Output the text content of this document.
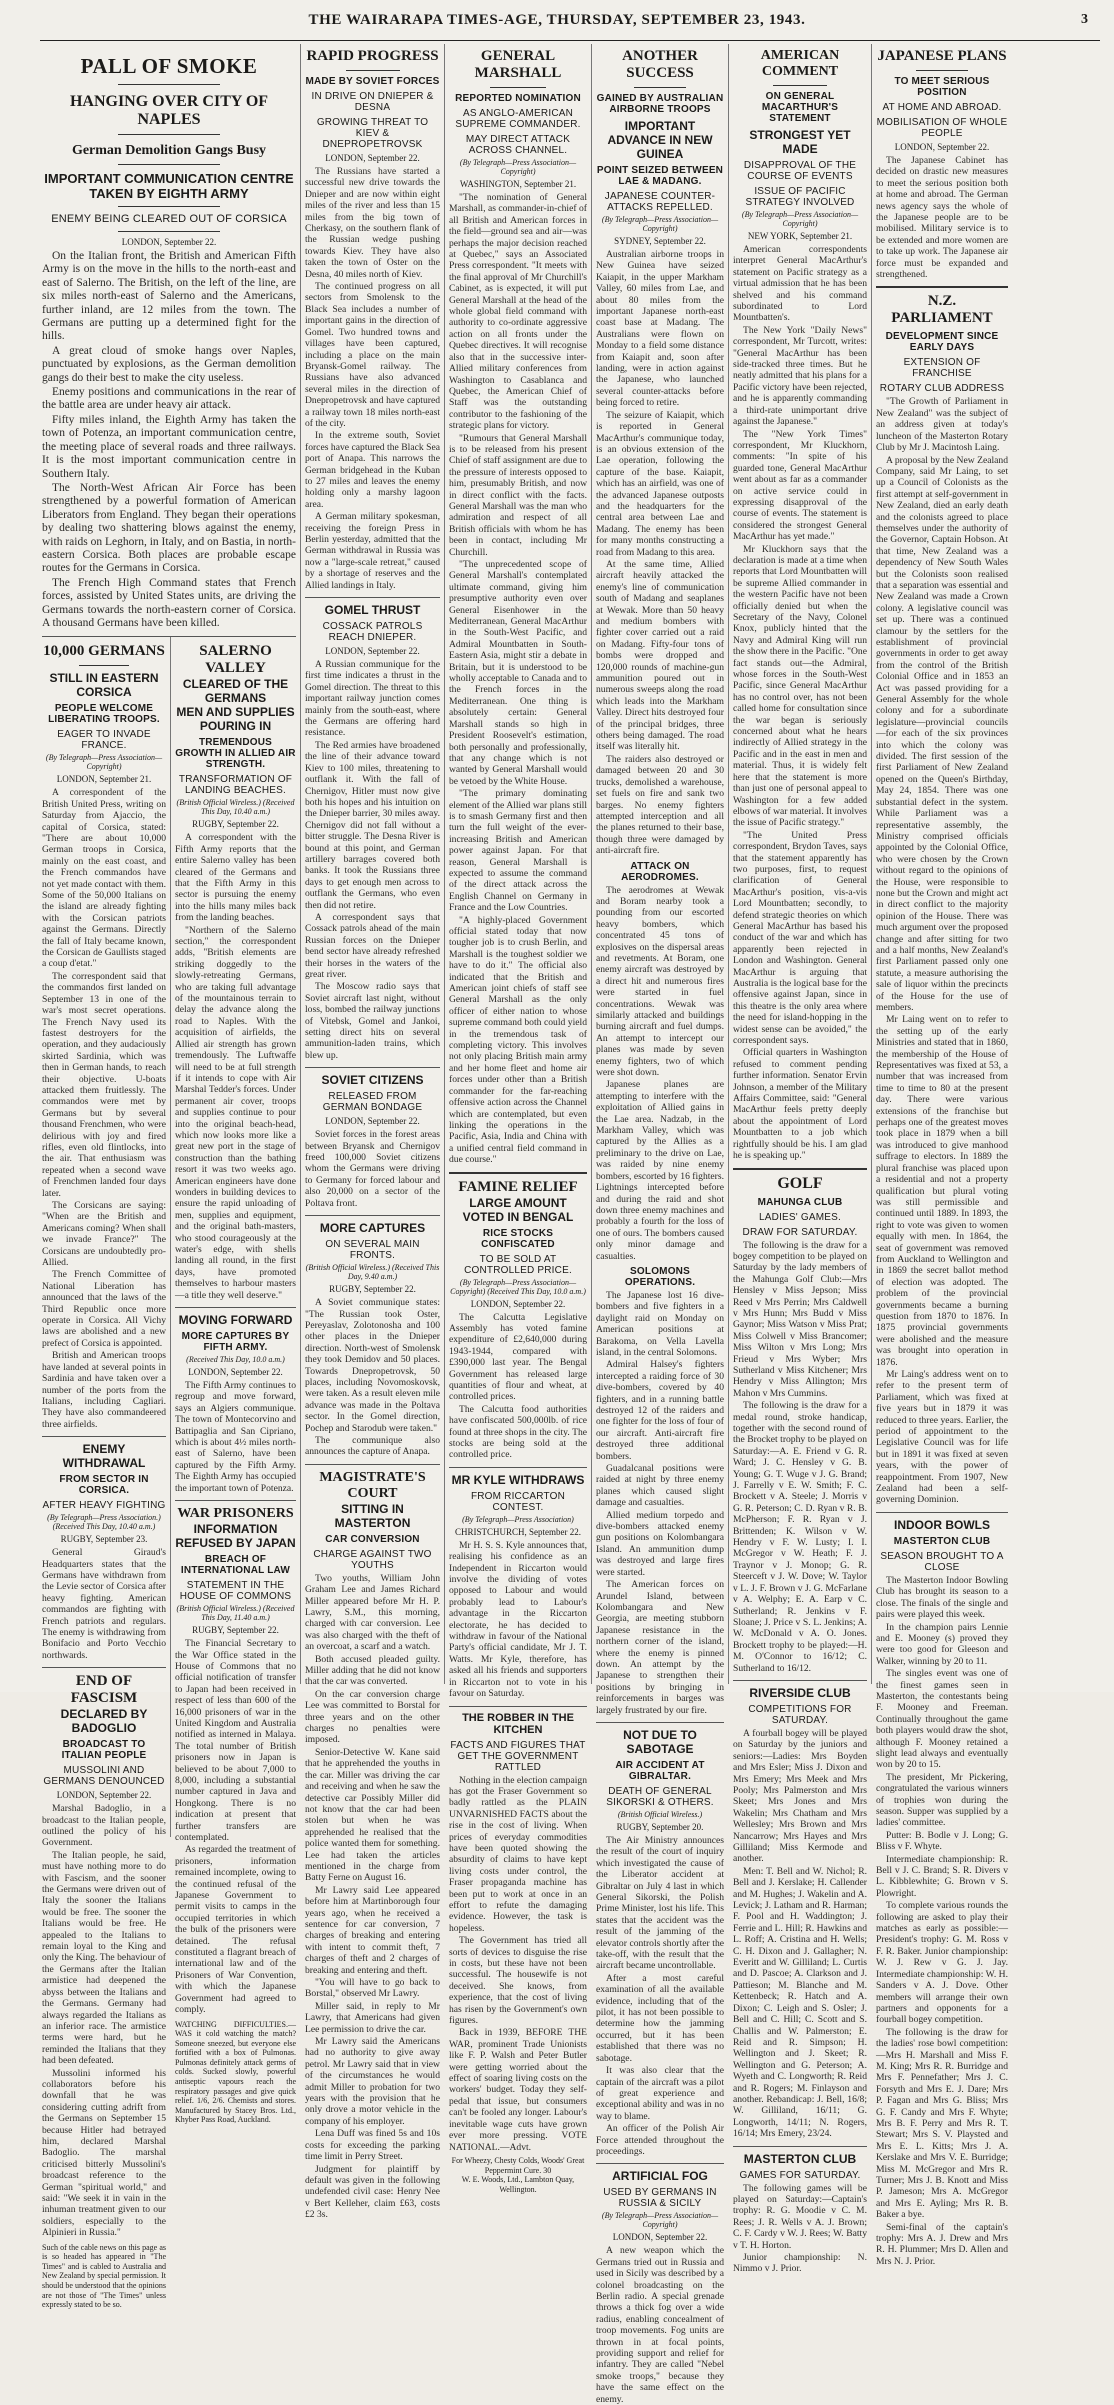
THE WAIRARAPA TIMES-AGE, THURSDAY, SEPTEMBER 23, 1943.	3
PALL OF SMOKE
HANGING OVER CITY OF NAPLES
German Demolition Gangs Busy
IMPORTANT COMMUNICATION CENTRE TAKEN BY EIGHTH ARMY
ENEMY BEING CLEARED OUT OF CORSICA
LONDON, September 22.

On the Italian front, the British and American Fifth Army is on the move in the hills to the north-east and east of Salerno. The British, on the left of the line, are six miles north-east of Salerno and the Americans, further inland, are 12 miles from the town. The Germans are putting up a determined fight for the hills.

A great cloud of smoke hangs over Naples, punctuated by explosions, as the German demolition gangs do their best to make the city useless.

Enemy positions and communications in the rear of the battle area are under heavy air attack.

Fifty miles inland, the Eighth Army has taken the town of Potenza, an important communication centre, the meeting place of several roads and three railways. It is the most important communication centre in Southern Italy.

The North-West African Air Force has been strengthened by a powerful formation of American Liberators from England. They began their operations by dealing two shattering blows against the enemy, with raids on Leghorn, in Italy, and on Bastia, in north-eastern Corsica. Both places are probable escape routes for the Germans in Corsica.

The French High Command states that French forces, assisted by United States units, are driving the Germans towards the north-eastern corner of Corsica. A thousand Germans have been killed.

10,000 GERMANS
STILL IN EASTERN CORSICA
PEOPLE WELCOME LIBERATING TROOPS.
EAGER TO INVADE FRANCE.
(By Telegraph—Press Association—Copyright)
LONDON, September 21.

A correspondent of the British United Press, writing on Saturday from Ajaccio, the capital of Corsica, stated: "There are about 10,000 German troops in Corsica, mainly on the east coast, and the French commandos have not yet made contact with them. Some of the 50,000 Italians on the island are already fighting with the Corsican patriots against the Germans. Directly the fall of Italy became known, the Corsican de Gaullists staged a coup d'etat."

The correspondent said that the commandos first landed on September 13 in one of the war's most secret operations. The French Navy used its fastest destroyers for the operation, and they audaciously skirted Sardinia, which was then in German hands, to reach their objective. U-boats attacked them fruitlessly. The commandos were met by Germans but by several thousand Frenchmen, who were delirious with joy and fired rifles, even old flintlocks, into the air. That enthusiasm was repeated when a second wave of Frenchmen landed four days later.

The Corsicans are saying: "When are the British and Americans coming? When shall we invade France?" The Corsicans are undoubtedly pro-Allied.

The French Committee of National Liberation has announced that the laws of the Third Republic once more operate in Corsica. All Vichy laws are abolished and a new prefect of Corsica is appointed.

British and American troops have landed at several points in Sardinia and have taken over a number of the ports from the Italians, including Cagliari. They have also commandeered three airfields.

ENEMY WITHDRAWAL
FROM SECTOR IN CORSICA.
AFTER HEAVY FIGHTING
(By Telegraph—Press Association.) (Received This Day, 10.40 a.m.)
RUGBY, September 23.

General Giraud's Headquarters states that the Germans have withdrawn from the Levie sector of Corsica after heavy fighting. American commandos are fighting with French patriots and regulars. The enemy is withdrawing from Bonifacio and Porto Vecchio northwards.

END OF FASCISM
DECLARED BY BADOGLIO
BROADCAST TO ITALIAN PEOPLE
MUSSOLINI AND GERMANS DENOUNCED
LONDON, September 22.

Marshal Badoglio, in a broadcast to the Italian people, outlined the policy of his Government.

The Italian people, he said, must have nothing more to do with Fascism, and the sooner the Germans were driven out of Italy the sooner the Italians would be free. The sooner the Italians would be free. He appealed to the Italians to remain loyal to the King and only the King. The behaviour of the Germans after the Italian armistice had deepened the abyss between the Italians and the Germans. Germany had always regarded the Italians as an inferior race. The armistice terms were hard, but he reminded the Italians that they had been defeated.

Mussolini informed his collaborators before his downfall that he was considering cutting adrift from the Germans on September 15 because Hitler had betrayed him, declared Marshal Badoglio. The marshal criticised bitterly Mussolini's broadcast reference to the German "spiritual world," and said: "We seek it in vain in the inhuman treatment given to our soldiers, especially to the Alpinieri in Russia."

Such of the cable news on this page as is so headed has appeared in "The Times" and is cabled to Australia and New Zealand by special permission. It should be understood that the opinions are not those of "The Times" unless expressly stated to be so.
SALERNO VALLEY
CLEARED OF THE GERMANS
MEN AND SUPPLIES POURING IN
TREMENDOUS GROWTH IN ALLIED AIR STRENGTH.
TRANSFORMATION OF LANDING BEACHES.
(British Official Wireless.) (Received This Day, 10.40 a.m.)
RUGBY, September 22.

A correspondent with the Fifth Army reports that the entire Salerno valley has been cleared of the Germans and that the Fifth Army in this sector is pursuing the enemy into the hills many miles back from the landing beaches.

"Northern of the Salerno section," the correspondent adds, "British elements are striking doggedly to the slowly-retreating Germans, who are taking full advantage of the mountainous terrain to delay the advance along the road to Naples. With the acquisition of airfields, the Allied air strength has grown tremendously. The Luftwaffe will need to be at full strength if it intends to cope with Air Marshal Tedder's forces. Under permanent air cover, troops and supplies continue to pour into the original beach-head, which now looks more like a great new port in the stage of construction than the bathing resort it was two weeks ago. American engineers have done wonders in building devices to ensure the rapid unloading of men, supplies and equipment, and the original bath-masters, who stood courageously at the water's edge, with shells landing all round, in the first days, have promoted themselves to harbour masters—a title they well deserve."

MOVING FORWARD
MORE CAPTURES BY FIFTH ARMY.
(Received This Day, 10.0 a.m.)
LONDON, September 22.

The Fifth Army continues to regroup and move forward, says an Algiers communique. The town of Montecorvino and Battipaglia and San Cipriano, which is about 4½ miles north-east of Salerno, have been captured by the Fifth Army. The Eighth Army has occupied the important town of Potenza.

WAR PRISONERS
INFORMATION REFUSED BY JAPAN
BREACH OF INTERNATIONAL LAW
STATEMENT IN THE HOUSE OF COMMONS
(British Official Wireless.) (Received This Day, 11.40 a.m.)
RUGBY, September 22.

The Financial Secretary to the War Office stated in the House of Commons that no official notification of transfer to Japan had been received in respect of less than 600 of the 16,000 prisoners of war in the United Kingdom and Australia notified as interned in Malaya. The total number of British prisoners now in Japan is believed to be about 7,000 to 8,000, including a substantial number captured in Java and Hongkong. There is no indication at present that further transfers are contemplated.

As regarded the treatment of prisoners, information remained incomplete, owing to the continued refusal of the Japanese Government to permit visits to camps in the occupied territories in which the bulk of the prisoners were detained. The refusal constituted a flagrant breach of international law and of the Prisoners of War Convention, with which the Japanese Government had agreed to comply.

WATCHING DIFFICULTIES.—WAS it cold watching the match? Someone sneezed, but everyone else fortified with a box of Pulmonas. Pulmonas definitely attack germs of colds. Sucked slowly, powerful antiseptic vapours reach the respiratory passages and give quick relief. 1/6, 2/6. Chemists and stores. Manufactured by Stacey Bros. Ltd., Khyber Pass Road, Auckland.
RAPID PROGRESS
MADE BY SOVIET FORCES
IN DRIVE ON DNIEPER & DESNA
GROWING THREAT TO KIEV & DNEPROPETROVSK
LONDON, September 22.

The Russians have started a successful new drive towards the Dnieper and are now within eight miles of the river and less than 15 miles from the big town of Cherkasy, on the southern flank of the Russian wedge pushing towards Kiev. They have also taken the town of Oster on the Desna, 40 miles north of Kiev.

The continued progress on all sectors from Smolensk to the Black Sea includes a number of important gains in the direction of Gomel. Two hundred towns and villages have been captured, including a place on the main Bryansk-Gomel railway. The Russians have also advanced several miles in the direction of Dnepropetrovsk and have captured a railway town 18 miles north-east of the city.

In the extreme south, Soviet forces have captured the Black Sea port of Anapa. This narrows the German bridgehead in the Kuban to 27 miles and leaves the enemy holding only a marshy lagoon area.

A German military spokesman, receiving the foreign Press in Berlin yesterday, admitted that the German withdrawal in Russia was now a "large-scale retreat," caused by a shortage of reserves and the Allied landings in Italy.

GOMEL THRUST
COSSACK PATROLS REACH DNIEPER.
LONDON, September 22.

A Russian communique for the first time indicates a thrust in the Gomel direction. The threat to this important railway junction comes mainly from the south-east, where the Germans are offering hard resistance.

The Red armies have broadened the line of their advance toward Kiev to 100 miles, threatening to outflank it. With the fall of Chernigov, Hitler must now give both his hopes and his intuition on the Dnieper barrier, 30 miles away. Chernigov did not fall without a bitter struggle. The Desna River is bound at this point, and German artillery barrages covered both banks. It took the Russians three days to get enough men across to outflank the Germans, who even then did not retire.

A correspondent says that Cossack patrols ahead of the main Russian forces on the Dnieper bend sector have already refreshed their horses in the waters of the great river.

The Moscow radio says that Soviet aircraft last night, without loss, bombed the railway junctions of Vitebsk, Gomel and Jankoi, setting direct hits on several ammunition-laden trains, which blew up.

SOVIET CITIZENS
RELEASED FROM GERMAN BONDAGE
LONDON, September 22.

Soviet forces in the forest areas between Bryansk and Chernigov freed 100,000 Soviet citizens whom the Germans were driving to Germany for forced labour and also 20,000 on a sector of the Poltava front.

MORE CAPTURES
ON SEVERAL MAIN FRONTS.
(British Official Wireless.) (Received This Day, 9.40 a.m.)
RUGBY, September 22.

A Soviet communique states: "The Russian took Oster, Pereyaslav, Zolotonosha and 100 other places in the Dnieper direction. North-west of Smolensk they took Demidov and 50 places. Towards Dnepropetrovsk, 50 places, including Novomoskovsk, were taken. As a result eleven mile advance was made in the Poltava sector. In the Gomel direction, Pochep and Starodub were taken."

The communique also announces the capture of Anapa.

MAGISTRATE'S COURT
SITTING IN MASTERTON
CAR CONVERSION
CHARGE AGAINST TWO YOUTHS

Two youths, William John Graham Lee and James Richard Miller appeared before Mr H. P. Lawry, S.M., this morning, charged with car conversion. Lee was also charged with the theft of an overcoat, a scarf and a watch.

Both accused pleaded guilty. Miller adding that he did not know that the car was converted.

On the car conversion charge Lee was committed to Borstal for three years and on the other charges no penalties were imposed.

Senior-Detective W. Kane said that he apprehended the youths in the car. Miller was driving the car and receiving and when he saw the detective car Possibly Miller did not know that the car had been stolen but when he was apprehended he realised that the police wanted them for something. Lee had taken the articles mentioned in the charge from Batty Ferne on August 16.

Mr Lawry said Lee appeared before him at Martinborough four years ago, when he received a sentence for car conversion, 7 charges of breaking and entering with intent to commit theft, 7 charges of theft and 2 charges of breaking and entering and theft.

"You will have to go back to Borstal," observed Mr Lawry.

Miller said, in reply to Mr Lawry, that Americans had given Lee permission to drive the car.

Mr Lawry said the Americans had no authority to give away petrol. Mr Lawry said that in view of the circumstances he would admit Miller to probation for two years with the provision that he only drove a motor vehicle in the company of his employer.

Lena Duff was fined 5s and 10s costs for exceeding the parking time limit in Perry Street.

Judgment for plaintiff by default was given in the following undefended civil case: Henry Nee v Bert Kelleher, claim £63, costs £2 3s.

GENERAL MARSHALL
REPORTED NOMINATION
AS ANGLO-AMERICAN SUPREME COMMANDER.
MAY DIRECT ATTACK ACROSS CHANNEL.
(By Telegraph—Press Association—Copyright)
WASHINGTON, September 21.

"The nomination of General Marshall, as commander-in-chief of all British and American forces in the field—ground sea and air—was perhaps the major decision reached at Quebec," says an Associated Press correspondent. "It meets with the final approval of Mr Churchill's Cabinet, as is expected, it will put General Marshall at the head of the whole global field command with authority to co-ordinate aggressive action on all fronts under the Quebec directives. It will recognise also that in the successive inter-Allied military conferences from Washington to Casablanca and Quebec, the American Chief of Staff was the outstanding contributor to the fashioning of the strategic plans for victory.

"Rumours that General Marshall is to be released from his present Chief of staff assignment are due to the pressure of interests opposed to him, presumably British, and now in direct conflict with the facts. General Marshall was the man who admiration and respect of all British officials with whom he has been in contact, including Mr Churchill.

"The unprecedented scope of General Marshall's contemplated ultimate command, giving him presumptive authority even over General Eisenhower in the Mediterranean, General MacArthur in the South-West Pacific, and Admiral Mountbatten in South-Eastern Asia, might stir a debate in Britain, but it is understood to be wholly acceptable to Canada and to the French forces in the Mediterranean. One thing is absolutely certain: General Marshall stands so high in President Roosevelt's estimation, both personally and professionally, that any change which is not wanted by General Marshall would be vetoed by the White House.

"The primary dominating element of the Allied war plans still is to smash Germany first and then turn the full weight of the ever-increasing British and American power against Japan. For that reason, General Marshall is expected to assume the command of the direct attack across the English Channel on Germany in France and the Low Countries.

"A highly-placed Government official stated today that now tougher job is to crush Berlin, and Marshall is the toughest soldier we have to do it." The official also indicated that the British and American joint chiefs of staff see General Marshall as the only officer of either nation to whose supreme command both could yield in the tremendous task of completing victory. This involves not only placing British main army and her home fleet and home air forces under other than a British commander for the far-reaching offensive action across the Channel which are contemplated, but even linking the operations in the Pacific, Asia, India and China with a unified central field command in due course."

FAMINE RELIEF
LARGE AMOUNT VOTED IN BENGAL
RICE STOCKS CONFISCATED
TO BE SOLD AT CONTROLLED PRICE.
(By Telegraph—Press Association—Copyright) (Received This Day, 10.0 a.m.)
LONDON, September 22.

The Calcutta Legislative Assembly has voted famine expenditure of £2,640,000 during 1943-1944, compared with £390,000 last year. The Bengal Government has released large quantities of flour and wheat, at controlled prices.

The Calcutta food authorities have confiscated 500,000lb. of rice found at three shops in the city. The stocks are being sold at the controlled price.

MR KYLE WITHDRAWS
FROM RICCARTON CONTEST.
(By Telegraph—Press Association)
CHRISTCHURCH, September 22.

Mr H. S. S. Kyle announces that, realising his confidence as an Independent in Riccarton would involve the dividing of votes opposed to Labour and would probably lead to Labour's advantage in the Riccarton electorate, he has decided to withdraw in favour of the National Party's official candidate, Mr J. T. Watts. Mr Kyle, therefore, has asked all his friends and supporters in Riccarton not to vote in his favour on Saturday.

THE ROBBER IN THE KITCHEN
FACTS AND FIGURES THAT GET THE GOVERNMENT RATTLED

Nothing in the election campaign has got the Fraser Government so badly rattled as the PLAIN UNVARNISHED FACTS about the rise in the cost of living. When prices of everyday commodities have been quoted showing the absurdity of claims to have kept living costs under control, the Fraser propaganda machine has been put to work at once in an effort to refute the damaging evidence. However, the task is hopeless.

The Government has tried all sorts of devices to disguise the rise in costs, but these have not been successful. The housewife is not deceived. She knows, from experience, that the cost of living has risen by the Government's own figures.

Back in 1939, BEFORE THE WAR, prominent Trade Unionists like F. P. Walsh and Peter Butler were getting worried about the effect of soaring living costs on the workers' budget. Today they self-pedal that issue, but consumers can't be fooled any longer. Labour's inevitable wage cuts have grown ever more pressing. VOTE NATIONAL.—Advt.

For Wheezy, Chesty Colds, Woods' Great Peppermint Cure. 30
W. E. Woods, Ltd., Lambton Quay, Wellington.
ANOTHER SUCCESS
GAINED BY AUSTRALIAN AIRBORNE TROOPS
IMPORTANT ADVANCE IN NEW GUINEA
POINT SEIZED BETWEEN LAE & MADANG.
JAPANESE COUNTER-ATTACKS REPELLED.
(By Telegraph—Press Association—Copyright)
SYDNEY, September 22.

Australian airborne troops in New Guinea have seized Kaiapit, in the upper Markham Valley, 60 miles from Lae, and about 80 miles from the important Japanese north-east coast base at Madang. The Australians were flown on Monday to a field some distance from Kaiapit and, soon after landing, were in action against the Japanese, who launched several counter-attacks before being forced to retire.

The seizure of Kaiapit, which is reported in General MacArthur's communique today, is an obvious extension of the Lae operation, following the capture of the base. Kaiapit, which has an airfield, was one of the advanced Japanese outposts and the headquarters for the central area between Lae and Madang. The enemy has been for many months constructing a road from Madang to this area.

At the same time, Allied aircraft heavily attacked the enemy's line of communication south of Madang and seaplanes at Wewak. More than 50 heavy and medium bombers with fighter cover carried out a raid on Madang. Fifty-four tons of bombs were dropped and 120,000 rounds of machine-gun ammunition poured out in numerous sweeps along the road which leads into the Markham Valley. Direct hits destroyed four of the principal bridges, three others being damaged. The road itself was literally hit.

The raiders also destroyed or damaged between 20 and 30 trucks, demolished a warehouse, set fuels on fire and sank two barges. No enemy fighters attempted interception and all the planes returned to their base, though three were damaged by anti-aircraft fire.

ATTACK ON AERODROMES.

The aerodromes at Wewak and Boram nearby took a pounding from our escorted heavy bombers, which concentrated 45 tons of explosives on the dispersal areas and revetments. At Boram, one enemy aircraft was destroyed by a direct hit and numerous fires were started in fuel concentrations. Wewak was similarly attacked and buildings burning aircraft and fuel dumps. An attempt to intercept our planes was made by seven enemy fighters, two of which were shot down.

Japanese planes are attempting to interfere with the exploitation of Allied gains in the Lae area. Nadzab, in the Markham Valley, which was captured by the Allies as a preliminary to the drive on Lae, was raided by nine enemy bombers, escorted by 16 fighters. Lightnings intercepted before and during the raid and shot down three enemy machines and probably a fourth for the loss of one of ours. The bombers caused only minor damage and casualties.

SOLOMONS OPERATIONS.

The Japanese lost 16 dive-bombers and five fighters in a daylight raid on Monday on American positions at Barakoma, on Vella Lavella island, in the central Solomons.

Admiral Halsey's fighters intercepted a raiding force of 30 dive-bombers, covered by 40 fighters, and in a running battle destroyed 12 of the raiders and one fighter for the loss of four of our aircraft. Anti-aircraft fire destroyed three additional bombers.

Guadalcanal positions were raided at night by three enemy planes which caused slight damage and casualties.

Allied medium torpedo and dive-bombers attacked enemy gun positions on Kolombangara Island. An ammunition dump was destroyed and large fires were started.

The American forces on Arundel Island, between Kolombangara and New Georgia, are meeting stubborn Japanese resistance in the northern corner of the island, where the enemy is pinned down. An attempt by the Japanese to strengthen their positions by bringing in reinforcements in barges was largely frustrated by our fire.

NOT DUE TO SABOTAGE
AIR ACCIDENT AT GIBRALTAR.
DEATH OF GENERAL SIKORSKI & OTHERS.
(British Official Wireless.)
RUGBY, September 20.

The Air Ministry announces the result of the court of inquiry which investigated the cause of the Liberator accident at Gibraltar on July 4 last in which General Sikorski, the Polish Prime Minister, lost his life. This states that the accident was the result of the jamming of the elevator controls shortly after the take-off, with the result that the aircraft became uncontrollable.

After a most careful examination of all the available evidence, including that of the pilot, it has not been possible to determine how the jamming occurred, but it has been established that there was no sabotage.

It was also clear that the captain of the aircraft was a pilot of great experience and exceptional ability and was in no way to blame.

An officer of the Polish Air Force attended throughout the proceedings.

ARTIFICIAL FOG
USED BY GERMANS IN RUSSIA & SICILY
(By Telegraph—Press Association—Copyright)
LONDON, September 22.

A new weapon which the Germans tried out in Russia and used in Sicily was described by a colonel broadcasting on the Berlin radio. A special grenade throws a thick fog over a wide radius, enabling concealment of troop movements. Fog units are thrown in at focal points, providing support and relief for infantry. They are called "Nebel smoke troops," because they have the same effect on the enemy.

AMERICAN COMMENT
ON GENERAL MACARTHUR'S STATEMENT
STRONGEST YET MADE
DISAPPROVAL OF THE COURSE OF EVENTS
ISSUE OF PACIFIC STRATEGY INVOLVED
(By Telegraph—Press Association—Copyright)
NEW YORK, September 21.

American correspondents interpret General MacArthur's statement on Pacific strategy as a virtual admission that he has been shelved and his command subordinated to Lord Mountbatten's.

The New York "Daily News" correspondent, Mr Turcott, writes: "General MacArthur has been side-tracked three times. But he neatly admitted that his plans for a Pacific victory have been rejected, and he is apparently commanding a third-rate unimportant drive against the Japanese."

The "New York Times" correspondent, Mr Kluckhorn, comments: "In spite of his guarded tone, General MacArthur went about as far as a commander on active service could in expressing disapproval of the course of events. The statement is considered the strongest General MacArthur has yet made."

Mr Kluckhorn says that the declaration is made at a time when reports that Lord Mountbatten will be supreme Allied commander in the western Pacific have not been officially denied but when the Secretary of the Navy, Colonel Knox, publicly hinted that the Navy and Admiral King will run the show there in the Pacific. "One fact stands out—the Admiral, whose forces in the South-West Pacific, since General MacArthur has no control over, has not been called home for consultation since the war began is seriously concerned about what he hears indirectly of Allied strategy in the Pacific and in the east in men and material. Thus, it is widely felt here that the statement is more than just one of personal appeal to Washington for a few added elbows of war material. It involves the issue of Pacific strategy."

"The United Press correspondent, Brydon Taves, says that the statement apparently has two purposes, first, to request clarification of General MacArthur's position, vis-a-vis Lord Mountbatten; secondly, to defend strategic theories on which General MacArthur has based his conduct of the war and which has apparently been rejected in London and Washington. General MacArthur is arguing that Australia is the logical base for the offensive against Japan, since in this theatre is the only area where the need for island-hopping in the widest sense can be avoided," the correspondent says.

Official quarters in Washington refused to comment pending further information. Senator Ervin Johnson, a member of the Military Affairs Committee, said: "General MacArthur feels pretty deeply about the appointment of Lord Mountbatten to a job which rightfully should be his. I am glad he is speaking up."

GOLF
MAHUNGA CLUB
LADIES' GAMES.
DRAW FOR SATURDAY.

The following is the draw for a bogey competition to be played on Saturday by the lady members of the Mahunga Golf Club:—Mrs Hensley v Miss Jepson; Miss Reed v Mrs Perrin; Mrs Caldwell v Mrs Hunn; Mrs Budd v Miss Gaynor; Miss Watson v Miss Prat; Miss Colwell v Miss Brancomer; Miss Wilton v Mrs Long; Mrs Frieud v Mrs Wyber; Mrs Sutherland v Miss Kitchener; Mrs Hendry v Miss Allington; Mrs Mahon v Mrs Cummins.

The following is the draw for a medal round, stroke handicap, together with the second round of the Brocket trophy to be played on Saturday:—A. E. Friend v G. R. Ward; J. C. Hensley v G. B. Young; G. T. Wuge v J. G. Brand; J. Farrelly v E. W. Smith; F. C. Brockett v A. Steele; J. Morris v G. R. Peterson; C. D. Ryan v R. B. McPherson; F. R. Ryan v J. Brittenden; K. Wilson v W. Hendry v F. W. Lusty; I. I. McGregor v W. Heath; F. J. Traynor v J. Monop; G. R. Steerceft v J. W. Dove; W. Taylor v L. J. F. Brown v J. G. McFarlane v A. Welphy; E. A. Earp v C. Sutherland; R. Jenkins v F. Sloane; J. Price v S. L. Jenkins; A. W. McDonald v A. O. Jones. Brockett trophy to be played:—H. M. O'Connor to 16/12; C. Sutherland to 16/12.

RIVERSIDE CLUB
COMPETITIONS FOR SATURDAY.

A fourball bogey will be played on Saturday by the juniors and seniors:—Ladies: Mrs Boyden and Mrs Esler; Miss J. Dixon and Mrs Emery; Mrs Meek and Mrs Pooly; Mrs Palmerston and Mrs Skeet; Mrs Jones and Mrs Wakelin; Mrs Chatham and Mrs Wellesley; Mrs Brown and Mrs Nancarrow; Mrs Hayes and Mrs Gilliland; Miss Kermode and another.

Men: T. Bell and W. Nichol; R. Bell and J. Kerslake; H. Callender and M. Hughes; J. Wakelin and A. Levick; J. Latham and R. Harman; F. Pool and H. Waddington; J. Ferrie and L. Hill; R. Hawkins and L. Roff; A. Cristina and H. Wells; C. H. Dixon and J. Gallagher; N. Everitt and W. Gilliland; L. Curtis and D. Pascoe; A. Clarkson and J. Pattieson; M. Blanche and M. Kettenbeck; R. Hatch and A. Dixon; C. Leigh and S. Osler; J. Bell and C. Hill; C. Scott and S. Challis and W. Palmerston; E. Reid and R. Simpson; H. Wellington and J. Skeet; R. Wellington and G. Peterson; A. Wyeth and C. Longworth; R. Reid and R. Rogers; M. Finlayson and another. Rebandicap: J. Bell, 16/8; W. Gilliland, 16/11; G. Longworth, 14/11; N. Rogers, 16/14; Mrs Emery, 23/24.

MASTERTON CLUB
GAMES FOR SATURDAY.

The following games will be played on Saturday:—Captain's trophy: R. G. Moodie v C. M. Rees; J. R. Wells v A. J. Brown; C. F. Cardy v W. J. Rees; W. Batty v T. H. Horton.

Junior championship: N. Nimmo v J. Prior.

JAPANESE PLANS
TO MEET SERIOUS POSITION
AT HOME AND ABROAD.
MOBILISATION OF WHOLE PEOPLE
LONDON, September 22.

The Japanese Cabinet has decided on drastic new measures to meet the serious position both at home and abroad. The German news agency says the whole of the Japanese people are to be mobilised. Military service is to be extended and more women are to take up work. The Japanese air force must be expanded and strengthened.

N.Z. PARLIAMENT
DEVELOPMENT SINCE EARLY DAYS
EXTENSION OF FRANCHISE
ROTARY CLUB ADDRESS

"The Growth of Parliament in New Zealand" was the subject of an address given at today's luncheon of the Masterton Rotary Club by Mr J. Macintosh Laing.

A proposal by the New Zealand Company, said Mr Laing, to set up a Council of Colonists as the first attempt at self-government in New Zealand, died an early death and the colonists agreed to place themselves under the authority of the Governor, Captain Hobson. At that time, New Zealand was a dependency of New South Wales but the Colonists soon realised that a separation was essential and New Zealand was made a Crown colony. A legislative council was set up. There was a continued clamour by the settlers for the establishment of provincial governments in order to get away from the control of the British Colonial Office and in 1853 an Act was passed providing for a General Assembly for the whole colony and for a subordinate legislature—provincial councils—for each of the six provinces into which the colony was divided. The first session of the first Parliament of New Zealand opened on the Queen's Birthday, May 24, 1854. There was one substantial defect in the system. While Parliament was a representative assembly, the Ministry comprised officials appointed by the Colonial Office, who were chosen by the Crown without regard to the opinions of the House, were responsible to none but the Crown and might act in direct conflict to the majority opinion of the House. There was much argument over the proposed change and after sitting for two and a half months, New Zealand's first Parliament passed only one statute, a measure authorising the sale of liquor within the precincts of the House for the use of members.

Mr Laing went on to refer to the setting up of the early Ministries and stated that in 1860, the membership of the House of Representatives was fixed at 53, a number that was increased from time to time to 80 at the present day. There were various extensions of the franchise but perhaps one of the greatest moves took place in 1879 when a bill was introduced to give manhood suffrage to electors. In 1889 the plural franchise was placed upon a residential and not a property qualification but plural voting was still permissible and continued until 1889. In 1893, the right to vote was given to women equally with men. In 1864, the seat of government was removed from Auckland to Wellington and in 1869 the secret ballot method of election was adopted. The problem of the provincial governments became a burning question from 1870 to 1876. In 1875 provincial governments were abolished and the measure was brought into operation in 1876.

Mr Laing's address went on to refer to the present term of Parliament, which was fixed at five years but in 1879 it was reduced to three years. Earlier, the period of appointment to the Legislative Council was for life but in 1891 it was fixed at seven years, with the power of reappointment. From 1907, New Zealand had been a self-governing Dominion.

INDOOR BOWLS
MASTERTON CLUB
SEASON BROUGHT TO A CLOSE

The Masterton Indoor Bowling Club has brought its season to a close. The finals of the single and pairs were played this week.

In the champion pairs Lennie and E. Mooney (s) proved they were too good for Gleeson and Walker, winning by 20 to 11.

The singles event was one of the finest games seen in Masterton, the contestants being F. Mooney and Freeman. Continually throughout the game both players would draw the shot, although F. Mooney retained a slight lead always and eventually won by 20 to 15.

The president, Mr Pickering, congratulated the various winners of trophies won during the season. Supper was supplied by a ladies' committee.

Putter: B. Bodle v J. Long; G. Bliss v F. Whyte.

Intermediate championship: R. Bell v J. C. Brand; S. R. Divers v L. Kibblewhite; G. Brown v S. Plowright.

To complete various rounds the following are asked to play their matches as early as possible:—President's trophy: G. M. Ross v F. R. Baker. Junior championship: W. J. Rew v G. J. Jay. Intermediate championship: W. H. Sanders v A. J. Dove. Other members will arrange their own partners and opponents for a fourball bogey competition.

The following is the draw for the ladies' rose bowl competition:—Mrs H. Marshall and Miss F. M. King; Mrs R. R. Burridge and Mrs F. Pennefather; Mrs J. C. Forsyth and Mrs E. J. Dare; Mrs P. Fagan and Mrs G. Bliss; Mrs G. F. Candy and Mrs F. Whyte; Mrs B. F. Perry and Mrs R. T. Stewart; Mrs S. V. Playsted and Mrs E. L. Kitts; Mrs J. A. Kerslake and Mrs V. E. Burridge; Miss M. McGregor and Mrs R. Turner; Mrs J. B. Knott and Miss P. Jameson; Mrs A. McGregor and Mrs E. Ayling; Mrs R. B. Baker a bye.

Semi-final of the captain's trophy: Mrs A. J. Drew and Mrs R. H. Plummer; Mrs D. Allen and Mrs N. J. Prior.
